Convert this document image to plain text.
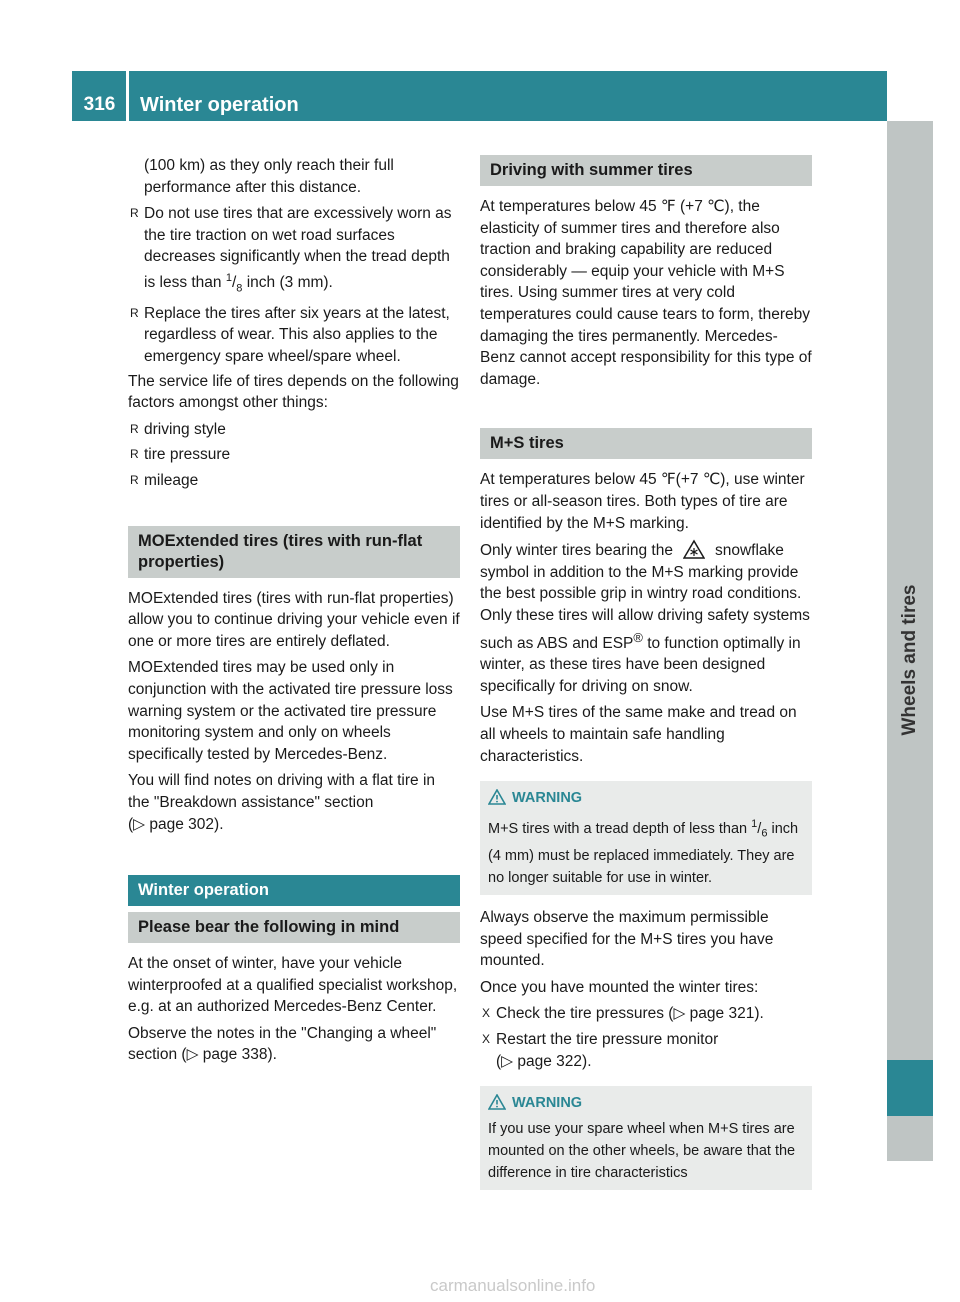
316	Winter operation
Wheels and tires

(100 km) as they only reach their full performance after this distance.

R Do not use tires that are excessively worn as the tire traction on wet road surfaces decreases significantly when the tread depth is less than $^1/_8$ inch (3 mm).
R Replace the tires after six years at the latest, regardless of wear. This also applies to the emergency spare wheel/spare wheel.

The service life of tires depends on the following factors amongst other things:

R driving style
R tire pressure
R mileage
MOExtended tires (tires with run-flat properties)

MOExtended tires (tires with run-flat properties) allow you to continue driving your vehicle even if one or more tires are entirely deflated.

MOExtended tires may be used only in conjunction with the activated tire pressure loss warning system or the activated tire pressure monitoring system and only on wheels specifically tested by Mercedes-Benz.

You will find notes on driving with a flat tire in the "Breakdown assistance" section

(▷ page 302).

Winter operation
Please bear the following in mind

At the onset of winter, have your vehicle winterproofed at a qualified specialist workshop, e.g. at an authorized Mercedes-Benz Center.

Observe the notes in the "Changing a wheel" section (▷ page 338).

Driving with summer tires

At temperatures below 45 ℉ (+7 ℃), the elasticity of summer tires and therefore also traction and braking capability are reduced considerably — equip your vehicle with M+S tires. Using summer tires at very cold temperatures could cause tears to form, thereby damaging the tires permanently. Mercedes-Benz cannot accept responsibility for this type of damage.

M+S tires

At temperatures below 45 ℉(+7 ℃), use winter tires or all-season tires. Both types of tire are identified by the M+S marking.

Only winter tires bearing the	snowflake symbol in addition to the M+S marking provide the best possible grip in wintry road conditions. Only these tires will allow driving safety systems such as ABS and ESP® to function optimally in winter, as these tires have been designed specifically for driving on snow.

Use M+S tires of the same make and tread on all wheels to maintain safe handling characteristics.

WARNING
M+S tires with a tread depth of less than $^1/_6$ inch (4 mm) must be replaced immediately. They are no longer suitable for use in winter.

Always observe the maximum permissible speed specified for the M+S tires you have mounted.

Once you have mounted the winter tires:

X Check the tire pressures (▷ page 321).
X Restart the tire pressure monitor
(▷ page 322).
WARNING
If you use your spare wheel when M+S tires are mounted on the other wheels, be aware that the difference in tire characteristics
carmanualsonline.info
